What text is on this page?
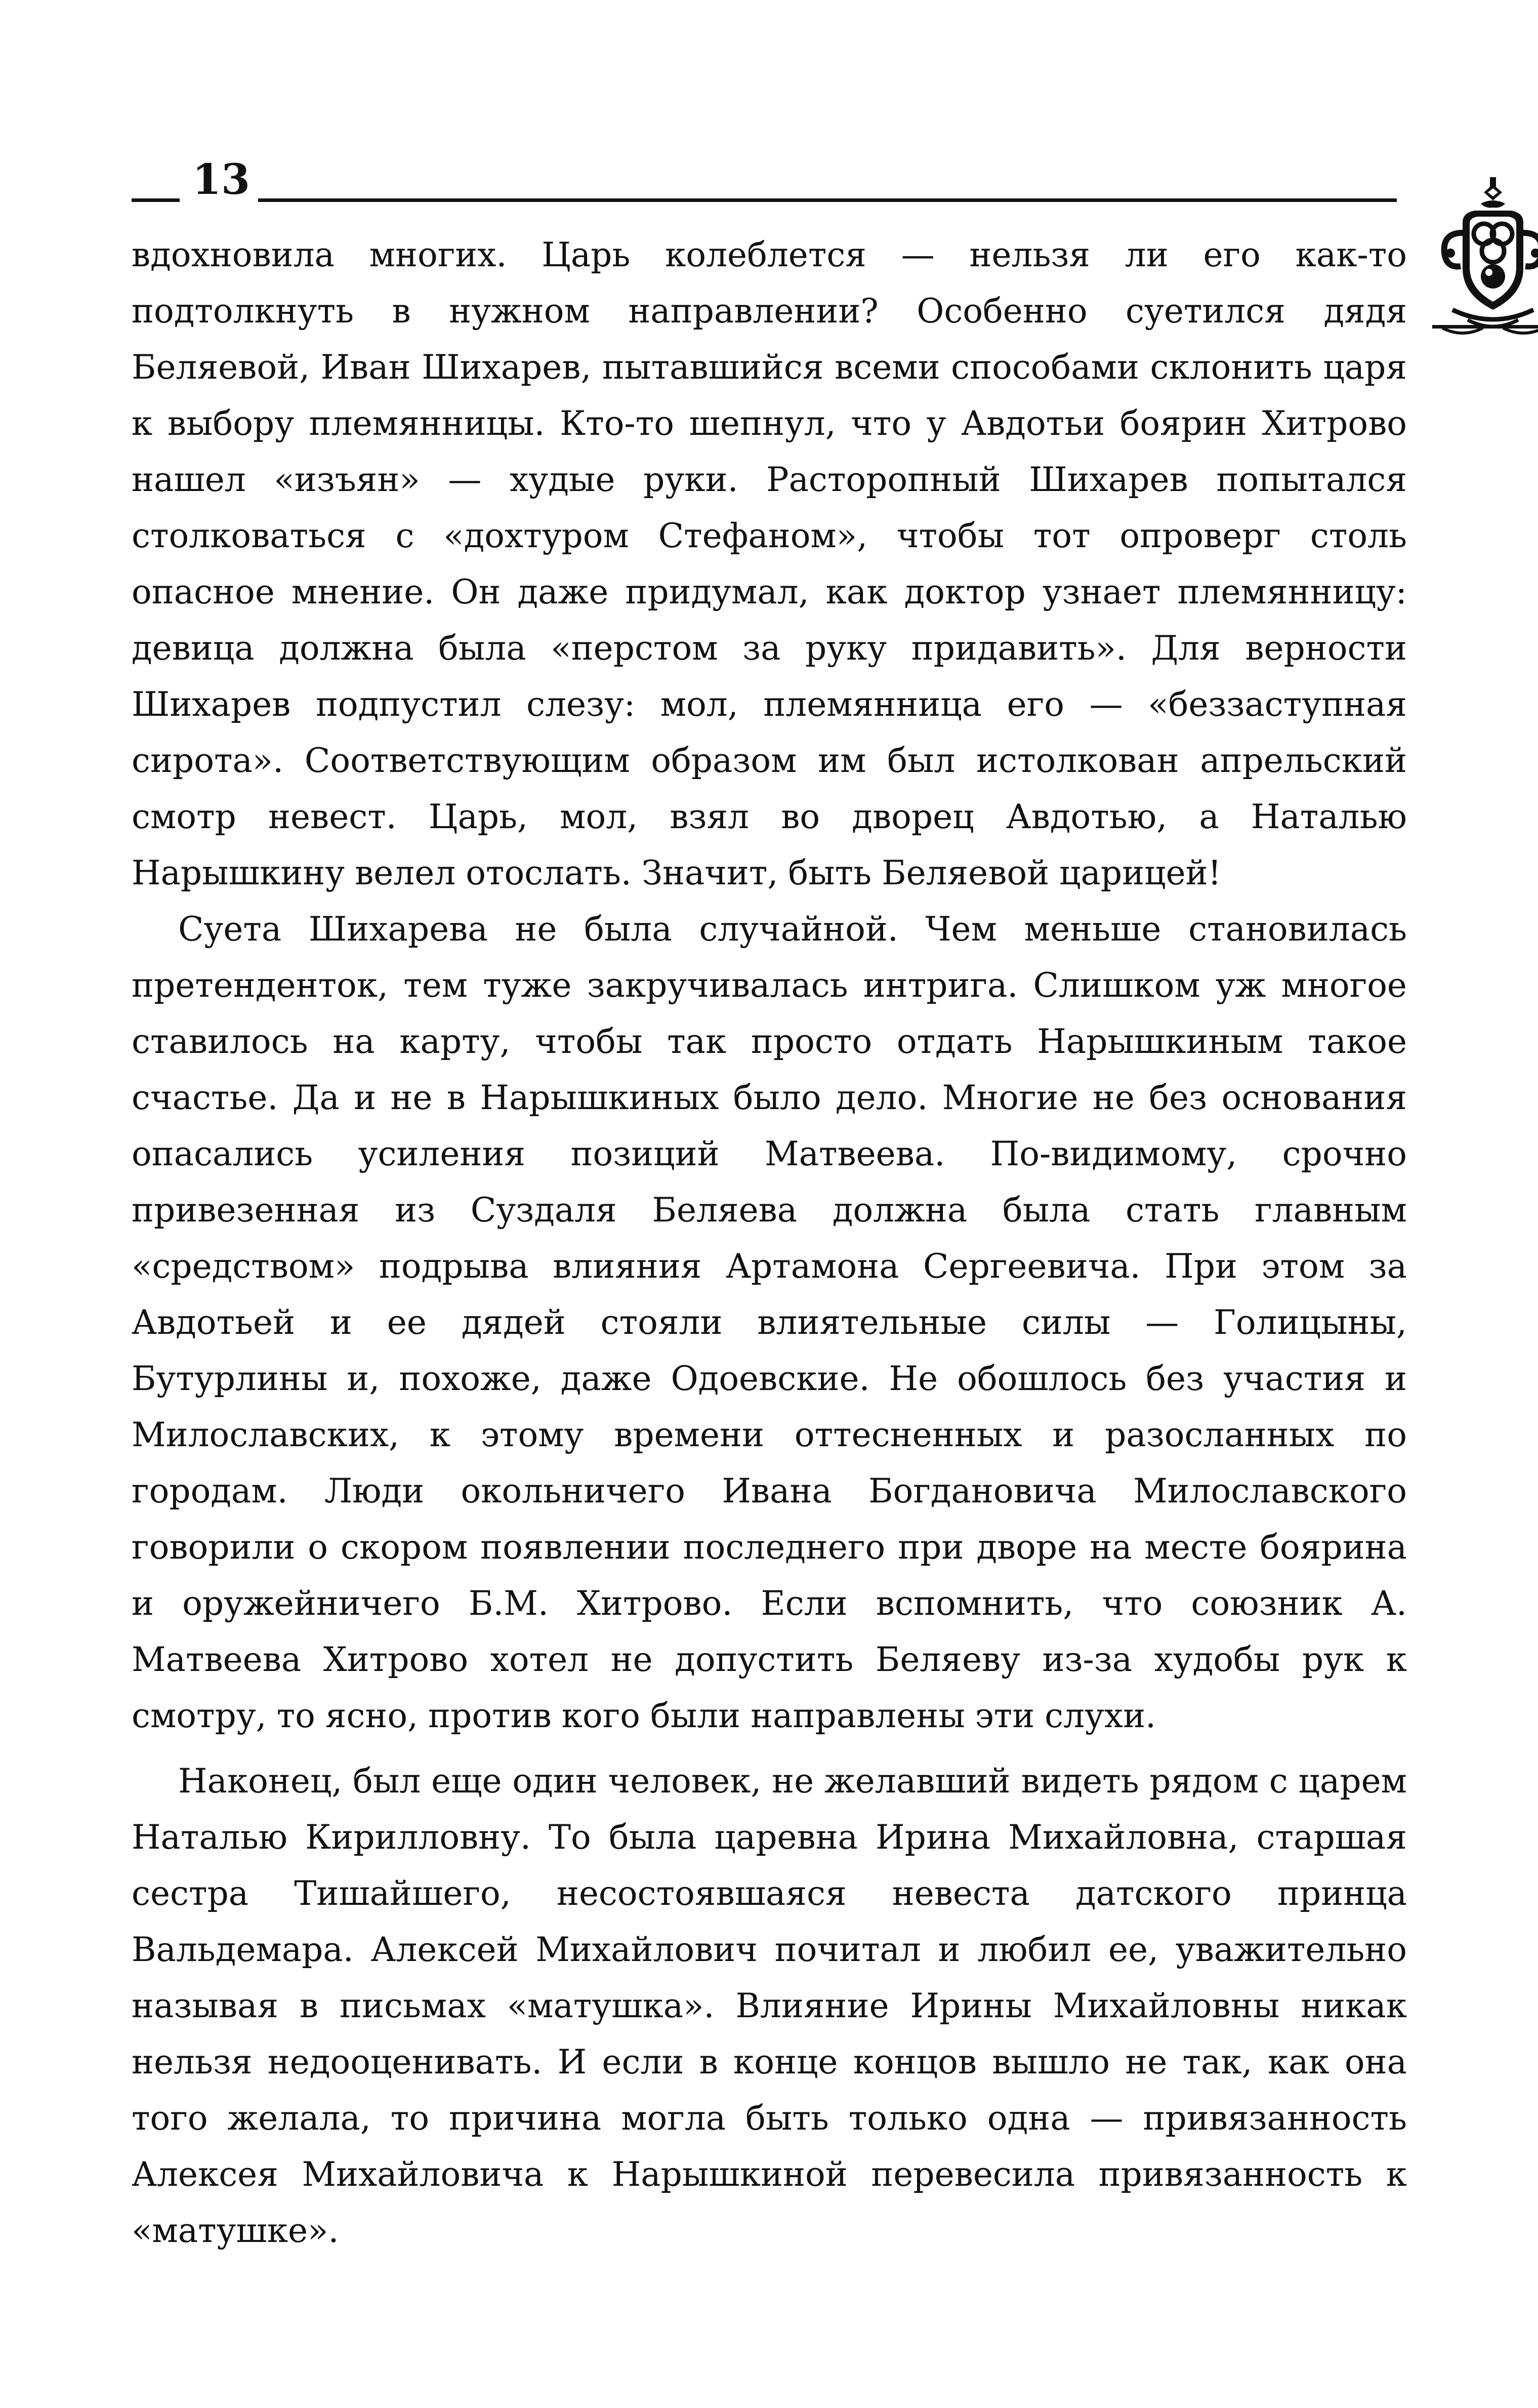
13

вдохновила многих. Царь колеблется — нельзя ли его как-то подтолкнуть в нужном направлении? Особенно суетился дядя Беляевой, Иван Шихарев, пытавшийся всеми способами склонить царя к выбору племянницы. Кто-то шепнул, что у Авдотьи боярин Хитрово нашел «изъян» — худые руки. Расторопный Шихарев попытался столковаться с «дохтуром Стефаном», чтобы тот опроверг столь опасное мнение. Он даже придумал, как доктор узнает племянницу: девица должна была «перстом за руку придавить». Для верности Шихарев подпустил слезу: мол, племянница его — «беззаступная сирота». Соответствующим образом им был истолкован апрельский смотр невест. Царь, мол, взял во дворец Авдотью, а Наталью Нарышкину велел отослать. Значит, быть Беляевой царицей!

Суета Шихарева не была случайной. Чем меньше становилась претенденток, тем туже закручивалась интрига. Слишком уж многое ставилось на карту, чтобы так просто отдать Нарышкиным такое счастье. Да и не в Нарышкиных было дело. Многие не без основания опасались усиления позиций Матвеева. По-видимому, срочно привезенная из Суздаля Беляева должна была стать главным «средством» подрыва влияния Артамона Сергеевича. При этом за Авдотьей и ее дядей стояли влиятельные силы — Голицыны, Бутурлины и, похоже, даже Одоевские. Не обошлось без участия и Милославских, к этому времени оттесненных и разосланных по городам. Люди окольничего Ивана Богдановича Милославского говорили о скором появлении последнего при дворе на месте боярина и оружейничего Б.М. Хитрово. Если вспомнить, что союзник А. Матвеева Хитрово хотел не допустить Беляеву из-за худобы рук к смотру, то ясно, против кого были направлены эти слухи.

Наконец, был еще один человек, не желавший видеть рядом с царем Наталью Кирилловну. То была царевна Ирина Михайловна, старшая сестра Тишайшего, несостоявшаяся невеста датского принца Вальдемара. Алексей Михайлович почитал и любил ее, уважительно называя в письмах «матушка». Влияние Ирины Михайловны никак нельзя недооценивать. И если в конце концов вышло не так, как она того желала, то причина могла быть только одна — привязанность Алексея Михайловича к Нарышкиной перевесила привязанность к «матушке».
